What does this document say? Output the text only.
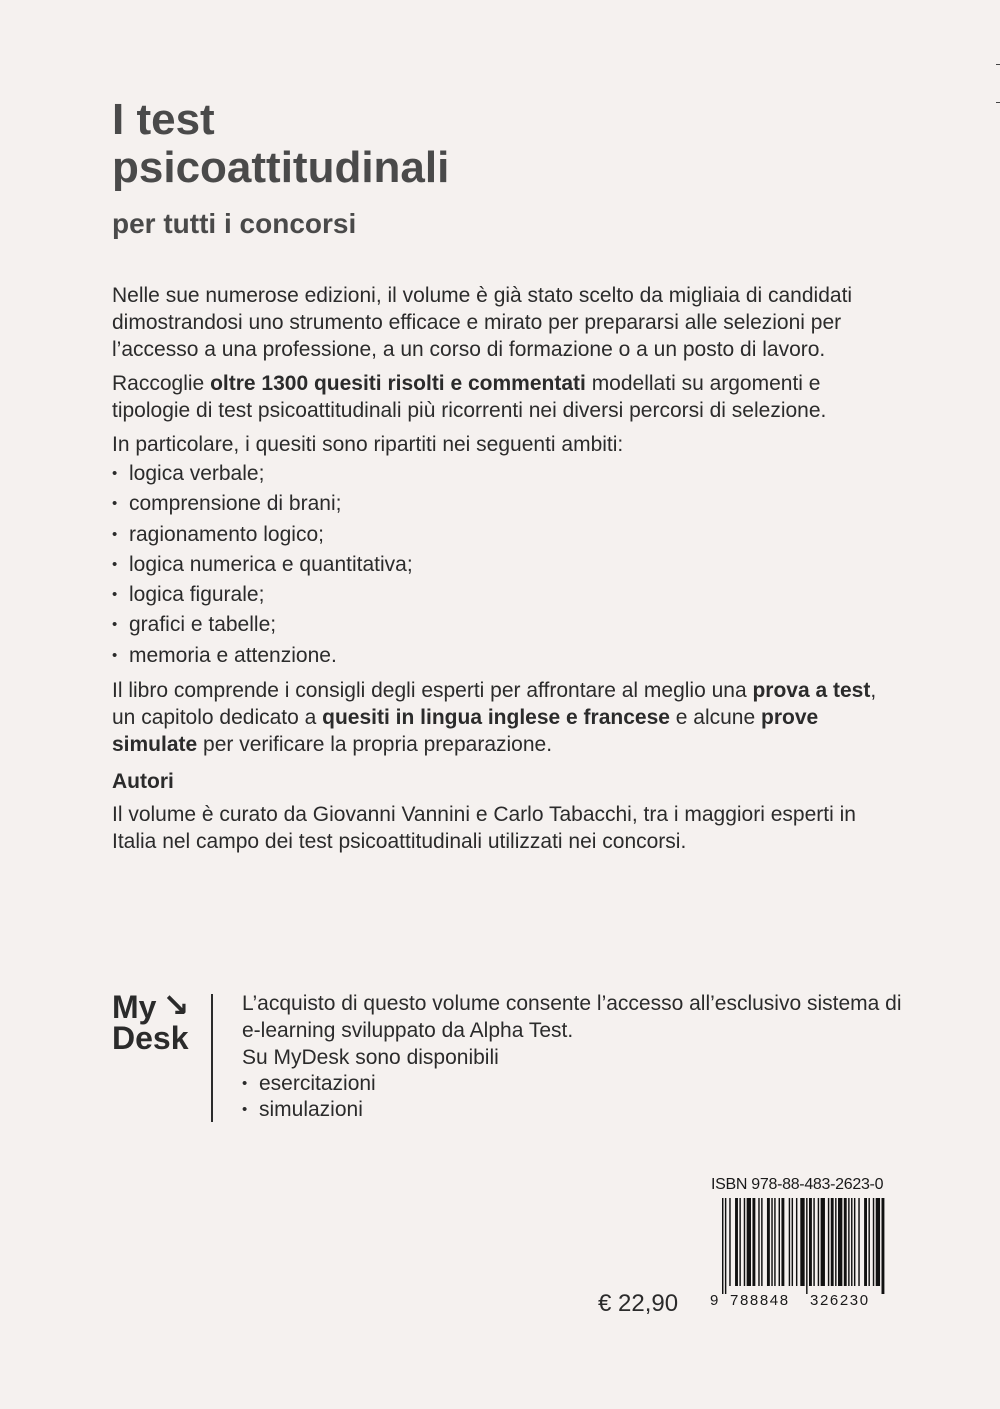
I test
psicoattitudinali
per tutti i concorsi

Nelle sue numerose edizioni, il volume è già stato scelto da migliaia di candidati dimostrandosi uno strumento efficace e mirato per prepararsi alle selezioni per l’accesso a una professione, a un corso di formazione o a un posto di lavoro.

Raccoglie oltre 1300 quesiti risolti e commentati modellati su argomenti e tipologie di test psicoattitudinali più ricorrenti nei diversi percorsi di selezione.

In particolare, i quesiti sono ripartiti nei seguenti ambiti:

• logica verbale;
• comprensione di brani;
• ragionamento logico;
• logica numerica e quantitativa;
• logica figurale;
• grafici e tabelle;
• memoria e attenzione.

Il libro comprende i consigli degli esperti per affrontare al meglio una prova a test, un capitolo dedicato a quesiti in lingua inglese e francese e alcune prove simulate per verificare la propria preparazione.

Autori

Il volume è curato da Giovanni Vannini e Carlo Tabacchi, tra i maggiori esperti in Italia nel campo dei test psicoattitudinali utilizzati nei concorsi.

My ↘
Desk

L’acquisto di questo volume consente l’accesso all’esclusivo sistema di e-learning sviluppato da Alpha Test.

Su MyDesk sono disponibili

• esercitazioni
• simulazioni
ISBN 978-88-483-2623-0
9 788848 326230
€ 22,90
